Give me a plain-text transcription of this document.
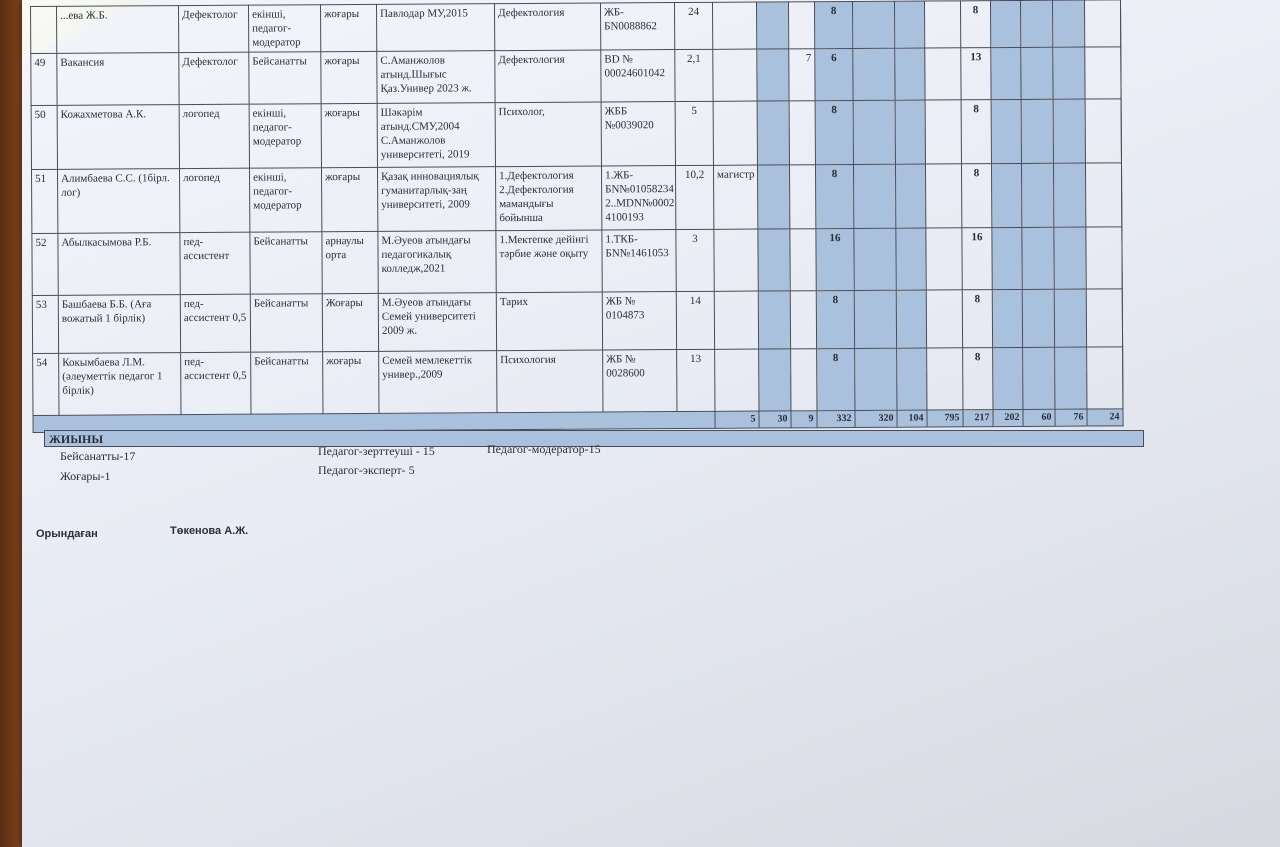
	...ева Ж.Б.	Дефектолог	екінші, педагог-модератор	жоғары	Павлодар МУ,2015	Дефектология	ЖБ-БN0088862	24				8				8					
49	Вакансия	Дефектолог	Бейсанатты	жоғары	С.Аманжолов атынд.Шығыс Қаз.Универ 2023 ж.	Дефектология	BD № 00024601042	2,1			7	6				13					
50	Кожахметова А.К.	логопед	екінші, педагог-модератор	жоғары	Шәкәрім атынд.СМУ,2004 С.Аманжолов университеті, 2019	Психолог,	ЖББ №0039020	5				8				8					
51	Алимбаева С.С. (1бірл. лог)	логопед	екінші, педагог-модератор	жоғары	Қазақ инновациялық гуманитарлық-заң университеті, 2009	1.Дефектология 2.Дефектология мамандығы бойынша	1.ЖБ-БN№01058234 2..MDN№0002 4100193	10,2	магистр			8				8					
52	Абылкасымова Р.Б.	пед-ассистент	Бейсанатты	арнаулы орта	М.Әуеов атындағы педагогикалық колледж,2021	1.Мектепке дейінгі тәрбие және оқыту	1.ТКБ-БN№1461053	3				16				16					
53	Башбаева Б.Б. (Аға вожатый 1 бірлік)	пед-ассистент 0,5	Бейсанатты	Жоғары	М.Әуеов атындағы Семей университеті 2009 ж.	Тарих	ЖБ № 0104873	14				8				8					
54	Кокымбаева Л.М. (әлеуметтік педагог 1 бірлік)	пед-ассистент 0,5	Бейсанатты	жоғары	Семей мемлекеттік универ.,2009	Психология	ЖБ № 0028600	13				8				8					
									5	30	9	332	320	104	795	217	202	60	76	24	
ЖИЫНЫ
Бейсанатты-17
Жоғары-1
Педагог-зерттеуші - 15
Педагог-эксперт- 5
Педагог-модератор-15
Орындаған	Төкенова А.Ж.
